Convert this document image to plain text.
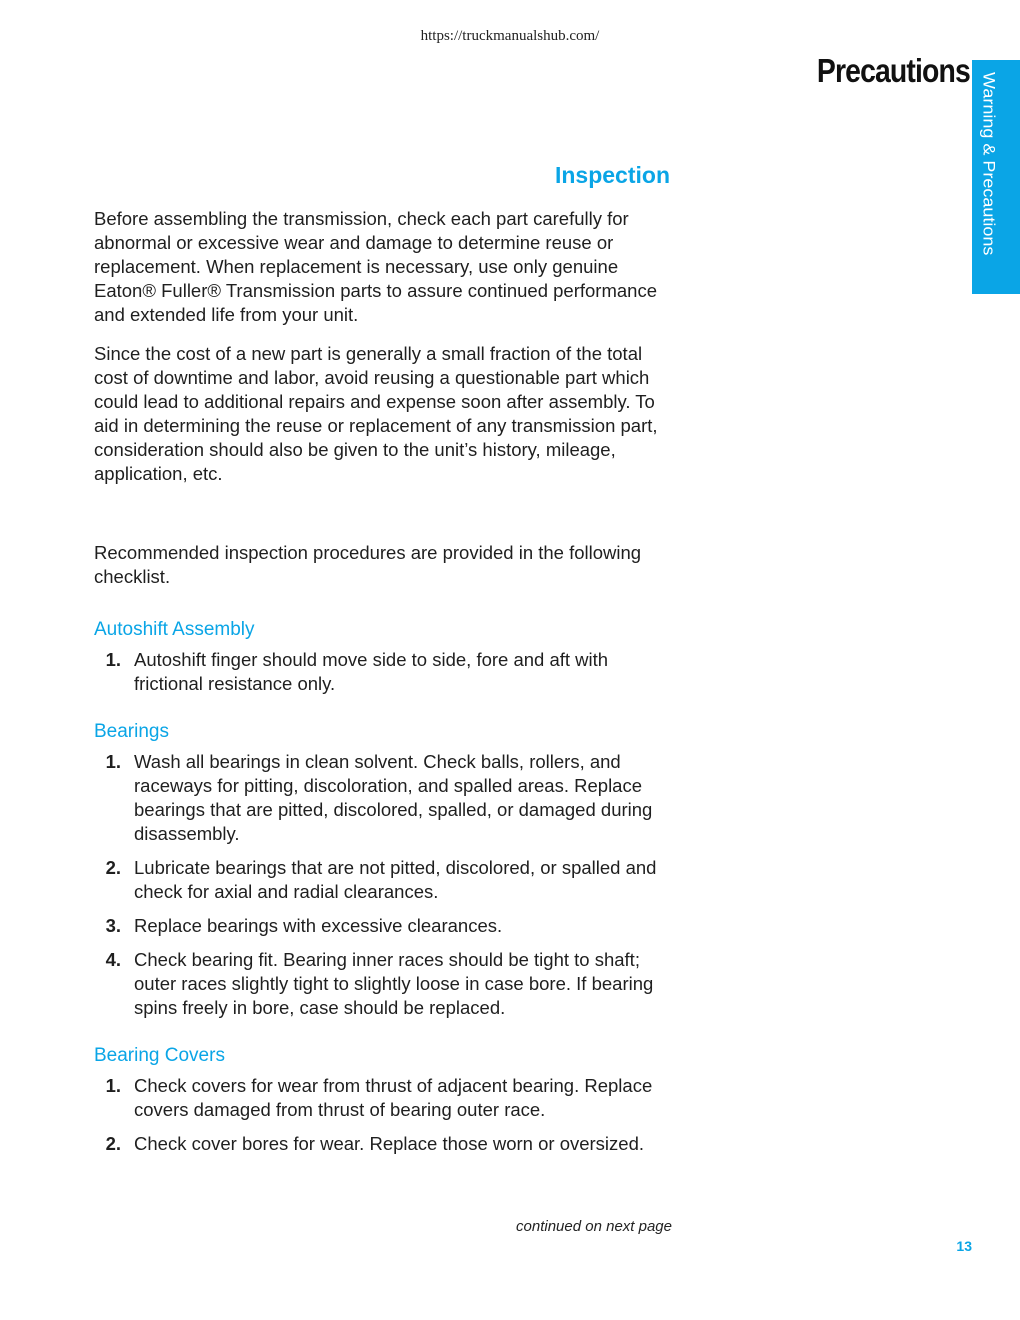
https://truckmanualshub.com/
Precautions
Warning & Precautions
Inspection

Before assembling the transmission, check each part carefully for abnormal or excessive wear and damage to determine reuse or replacement. When replacement is necessary, use only genuine Eaton® Fuller® Transmission parts to assure continued performance and extended life from your unit.

Since the cost of a new part is generally a small fraction of the total cost of downtime and labor, avoid reusing a questionable part which could lead to additional repairs and expense soon after assembly. To aid in determining the reuse or replacement of any transmission part, consideration should also be given to the unit’s history, mileage, application, etc.

Recommended inspection procedures are provided in the following checklist.

Autoshift Assembly

1. Autoshift finger should move side to side, fore and aft with frictional resistance only.

Bearings

1. Wash all bearings in clean solvent. Check balls, rollers, and raceways for pitting, discoloration, and spalled areas. Replace bearings that are pitted, discolored, spalled, or damaged during disassembly.
2. Lubricate bearings that are not pitted, discolored, or spalled and check for axial and radial clearances.
3. Replace bearings with excessive clearances.
4. Check bearing fit. Bearing inner races should be tight to shaft; outer races slightly tight to slightly loose in case bore. If bearing spins freely in bore, case should be replaced.

Bearing Covers

1. Check covers for wear from thrust of adjacent bearing. Replace covers damaged from thrust of bearing outer race.
2. Check cover bores for wear. Replace those worn or oversized.
continued on next page
13
